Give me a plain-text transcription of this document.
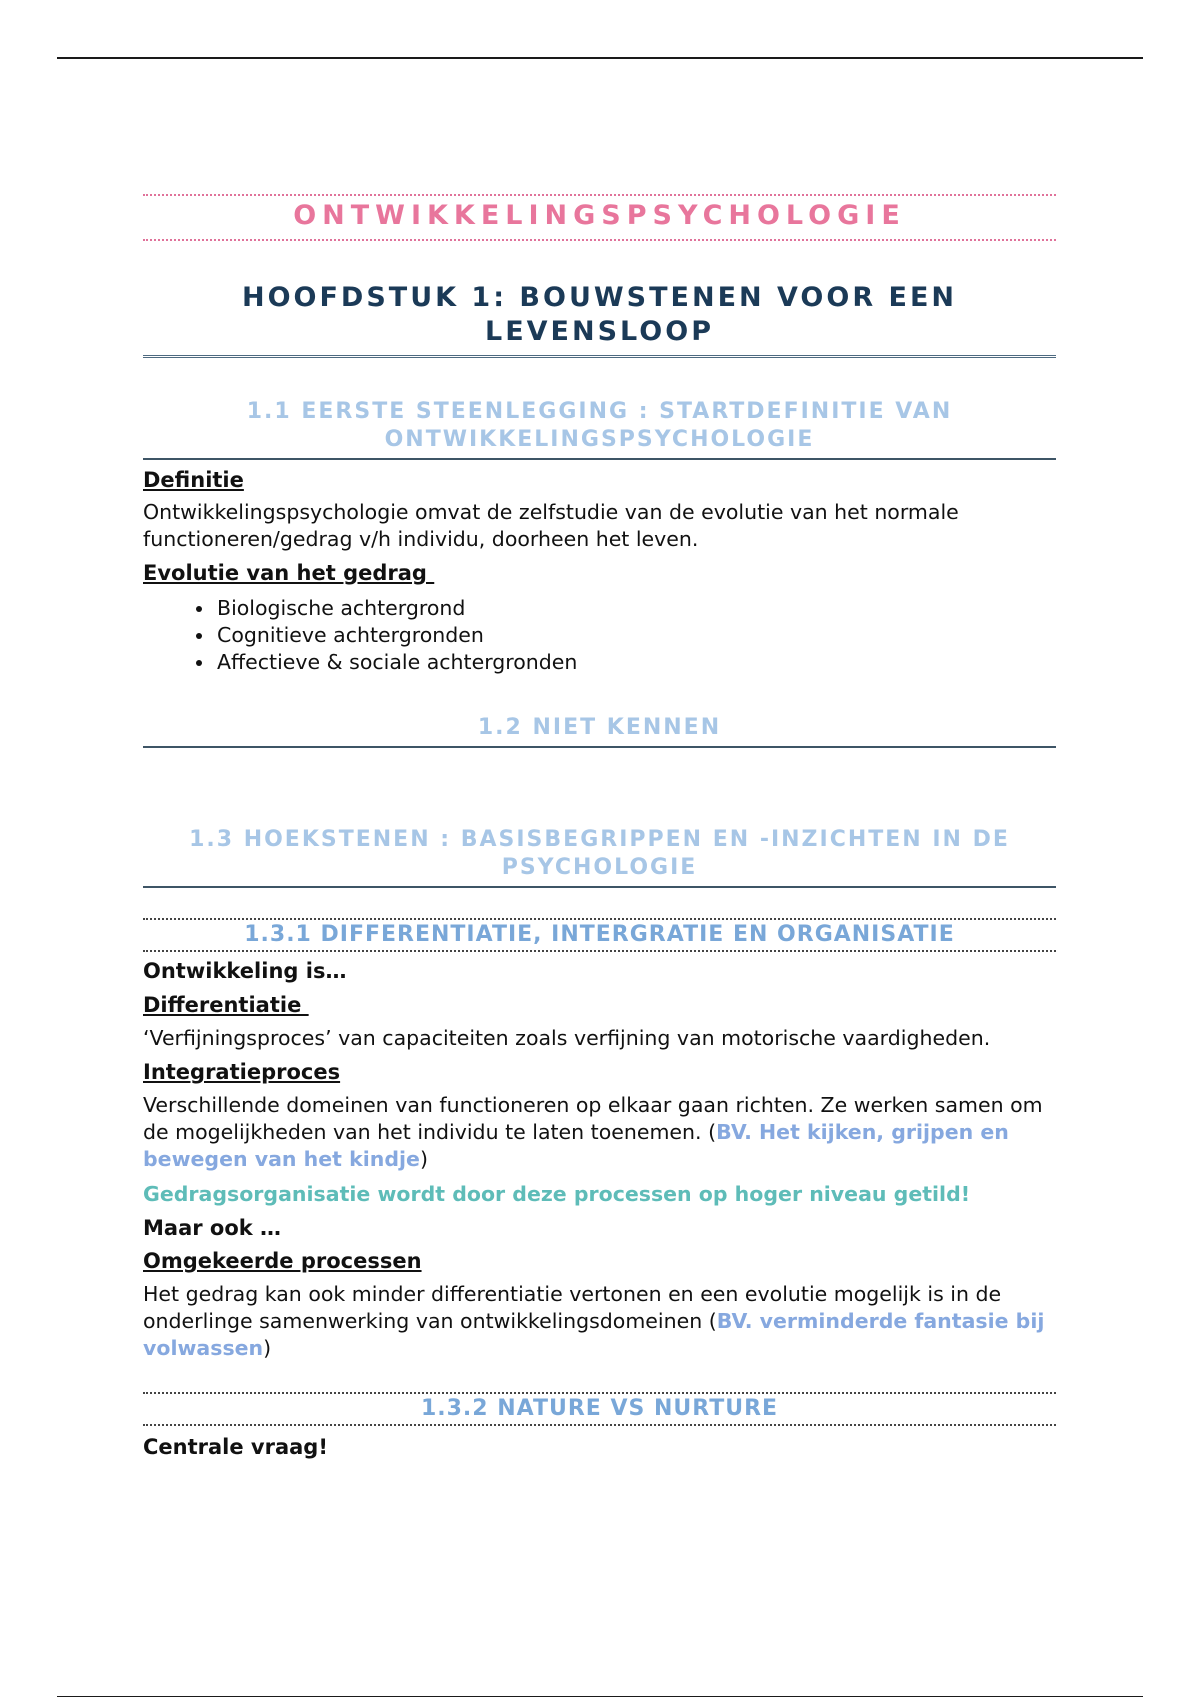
ONTWIKKELINGSPSYCHOLOGIE
HOOFDSTUK 1: BOUWSTENEN VOOR EEN
LEVENSLOOP
1.1 EERSTE STEENLEGGING : STARTDEFINITIE VAN
ONTWIKKELINGSPSYCHOLOGIE

Definitie

Ontwikkelingspsychologie omvat de zelfstudie van de evolutie van het normale functioneren/gedrag v/h individu, doorheen het leven.

Evolutie van het gedrag

• Biologische achtergrond
• Cognitieve achtergronden
• Affectieve & sociale achtergronden
1.2 NIET KENNEN
1.3 HOEKSTENEN : BASISBEGRIPPEN EN -INZICHTEN IN DE
PSYCHOLOGIE
1.3.1 DIFFERENTIATIE, INTERGRATIE EN ORGANISATIE

Ontwikkeling is…

Differentiatie

‘Verfijningsproces’ van capaciteiten zoals verfijning van motorische vaardigheden.

Integratieproces

Verschillende domeinen van functioneren op elkaar gaan richten. Ze werken samen om de mogelijkheden van het individu te laten toenemen. (BV. Het kijken, grijpen en bewegen van het kindje)

Gedragsorganisatie wordt door deze processen op hoger niveau getild!

Maar ook …

Omgekeerde processen

Het gedrag kan ook minder differentiatie vertonen en een evolutie mogelijk is in de onderlinge samenwerking van ontwikkelingsdomeinen (BV. verminderde fantasie bij volwassen)

1.3.2 NATURE VS NURTURE

Centrale vraag!
